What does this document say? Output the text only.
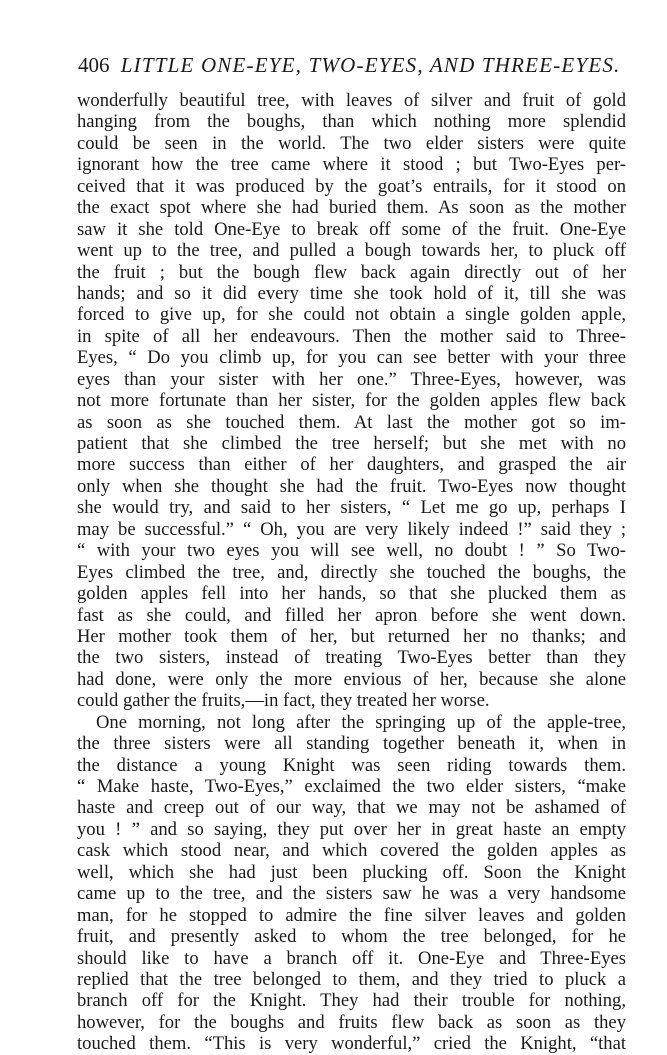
406 LITTLE ONE-EYE, TWO-EYES, AND THREE-EYES.
wonderfully beautiful tree, with leaves of silver and fruit of gold
hanging from the boughs, than which nothing more splendid
could be seen in the world. The two elder sisters were quite
ignorant how the tree came where it stood ; but Two-Eyes per-
ceived that it was produced by the goat’s entrails, for it stood on
the exact spot where she had buried them. As soon as the mother
saw it she told One-Eye to break off some of the fruit. One-Eye
went up to the tree, and pulled a bough towards her, to pluck off
the fruit ; but the bough flew back again directly out of her
hands; and so it did every time she took hold of it, till she was
forced to give up, for she could not obtain a single golden apple,
in spite of all her endeavours. Then the mother said to Three-
Eyes, “ Do you climb up, for you can see better with your three
eyes than your sister with her one.” Three-Eyes, however, was
not more fortunate than her sister, for the golden apples flew back
as soon as she touched them. At last the mother got so im-
patient that she climbed the tree herself; but she met with no
more success than either of her daughters, and grasped the air
only when she thought she had the fruit. Two-Eyes now thought
she would try, and said to her sisters, “ Let me go up, perhaps I
may be successful.” “ Oh, you are very likely indeed !” said they ;
“ with your two eyes you will see well, no doubt ! ” So Two-
Eyes climbed the tree, and, directly she touched the boughs, the
golden apples fell into her hands, so that she plucked them as
fast as she could, and filled her apron before she went down.
Her mother took them of her, but returned her no thanks; and
the two sisters, instead of treating Two-Eyes better than they
had done, were only the more envious of her, because she alone
could gather the fruits,—in fact, they treated her worse.
One morning, not long after the springing up of the apple-tree,
the three sisters were all standing together beneath it, when in
the distance a young Knight was seen riding towards them.
“ Make haste, Two-Eyes,” exclaimed the two elder sisters, “make
haste and creep out of our way, that we may not be ashamed of
you ! ” and so saying, they put over her in great haste an empty
cask which stood near, and which covered the golden apples as
well, which she had just been plucking off. Soon the Knight
came up to the tree, and the sisters saw he was a very handsome
man, for he stopped to admire the fine silver leaves and golden
fruit, and presently asked to whom the tree belonged, for he
should like to have a branch off it. One-Eye and Three-Eyes
replied that the tree belonged to them, and they tried to pluck a
branch off for the Knight. They had their trouble for nothing,
however, for the boughs and fruits flew back as soon as they
touched them. “This is very wonderful,” cried the Knight, “that
